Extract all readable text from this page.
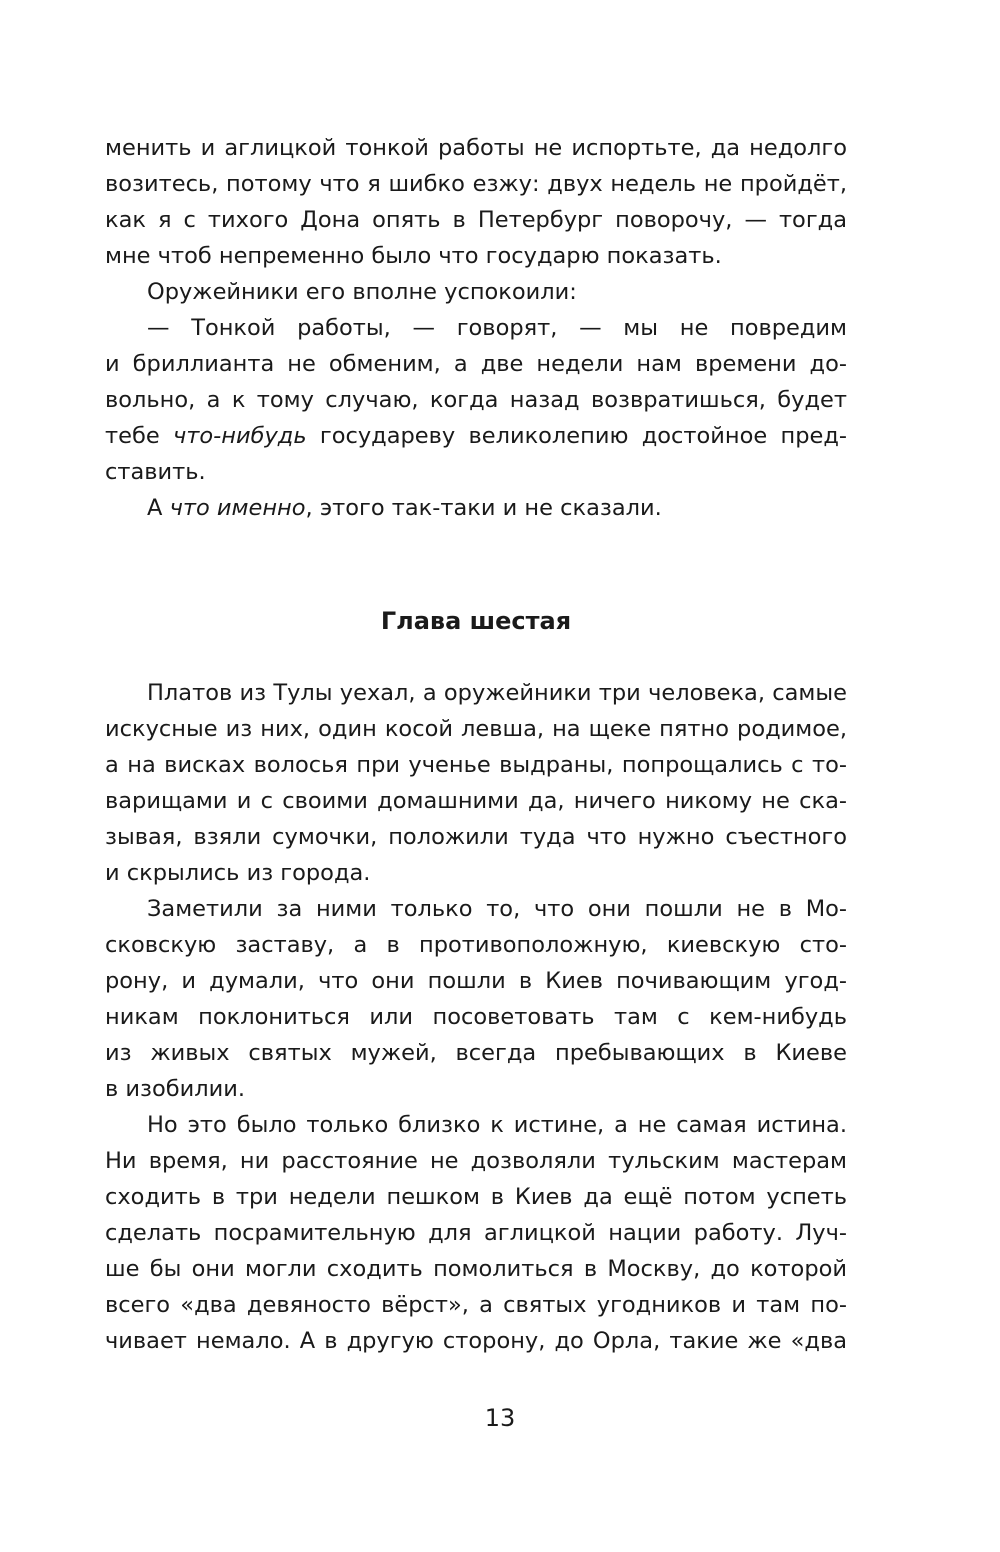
менить и аглицкой тонкой работы не испортьте, да недолго
возитесь, потому что я шибко езжу: двух недель не пройдёт,
как я с тихого Дона опять в Петербург поворочу, — тогда
мне чтоб непременно было что государю показать.
Оружейники его вполне успокоили:
— Тонкой работы, — говорят, — мы не повредим
и бриллианта не обменим, а две недели нам времени до-
вольно, а к тому случаю, когда назад возвратишься, будет
тебе что-нибудь государеву великолепию достойное пред-
ставить.
А что именно, этого так-таки и не сказали.
Глава шестая
Платов из Тулы уехал, а оружейники три человека, самые
искусные из них, один косой левша, на щеке пятно родимое,
а на висках волосья при ученье выдраны, попрощались с то-
варищами и с своими домашними да, ничего никому не ска-
зывая, взяли сумочки, положили туда что нужно съестного
и скрылись из города.
Заметили за ними только то, что они пошли не в Мо-
сковскую заставу, а в противоположную, киевскую сто-
рону, и думали, что они пошли в Киев почивающим угод-
никам поклониться или посоветовать там с кем-нибудь
из живых святых мужей, всегда пребывающих в Киеве
в изобилии.
Но это было только близко к истине, а не самая истина.
Ни время, ни расстояние не дозволяли тульским мастерам
сходить в три недели пешком в Киев да ещё потом успеть
сделать посрамительную для аглицкой нации работу. Луч-
ше бы они могли сходить помолиться в Москву, до которой
всего «два девяносто вёрст», а святых угодников и там по-
чивает немало. А в другую сторону, до Орла, такие же «два
13
